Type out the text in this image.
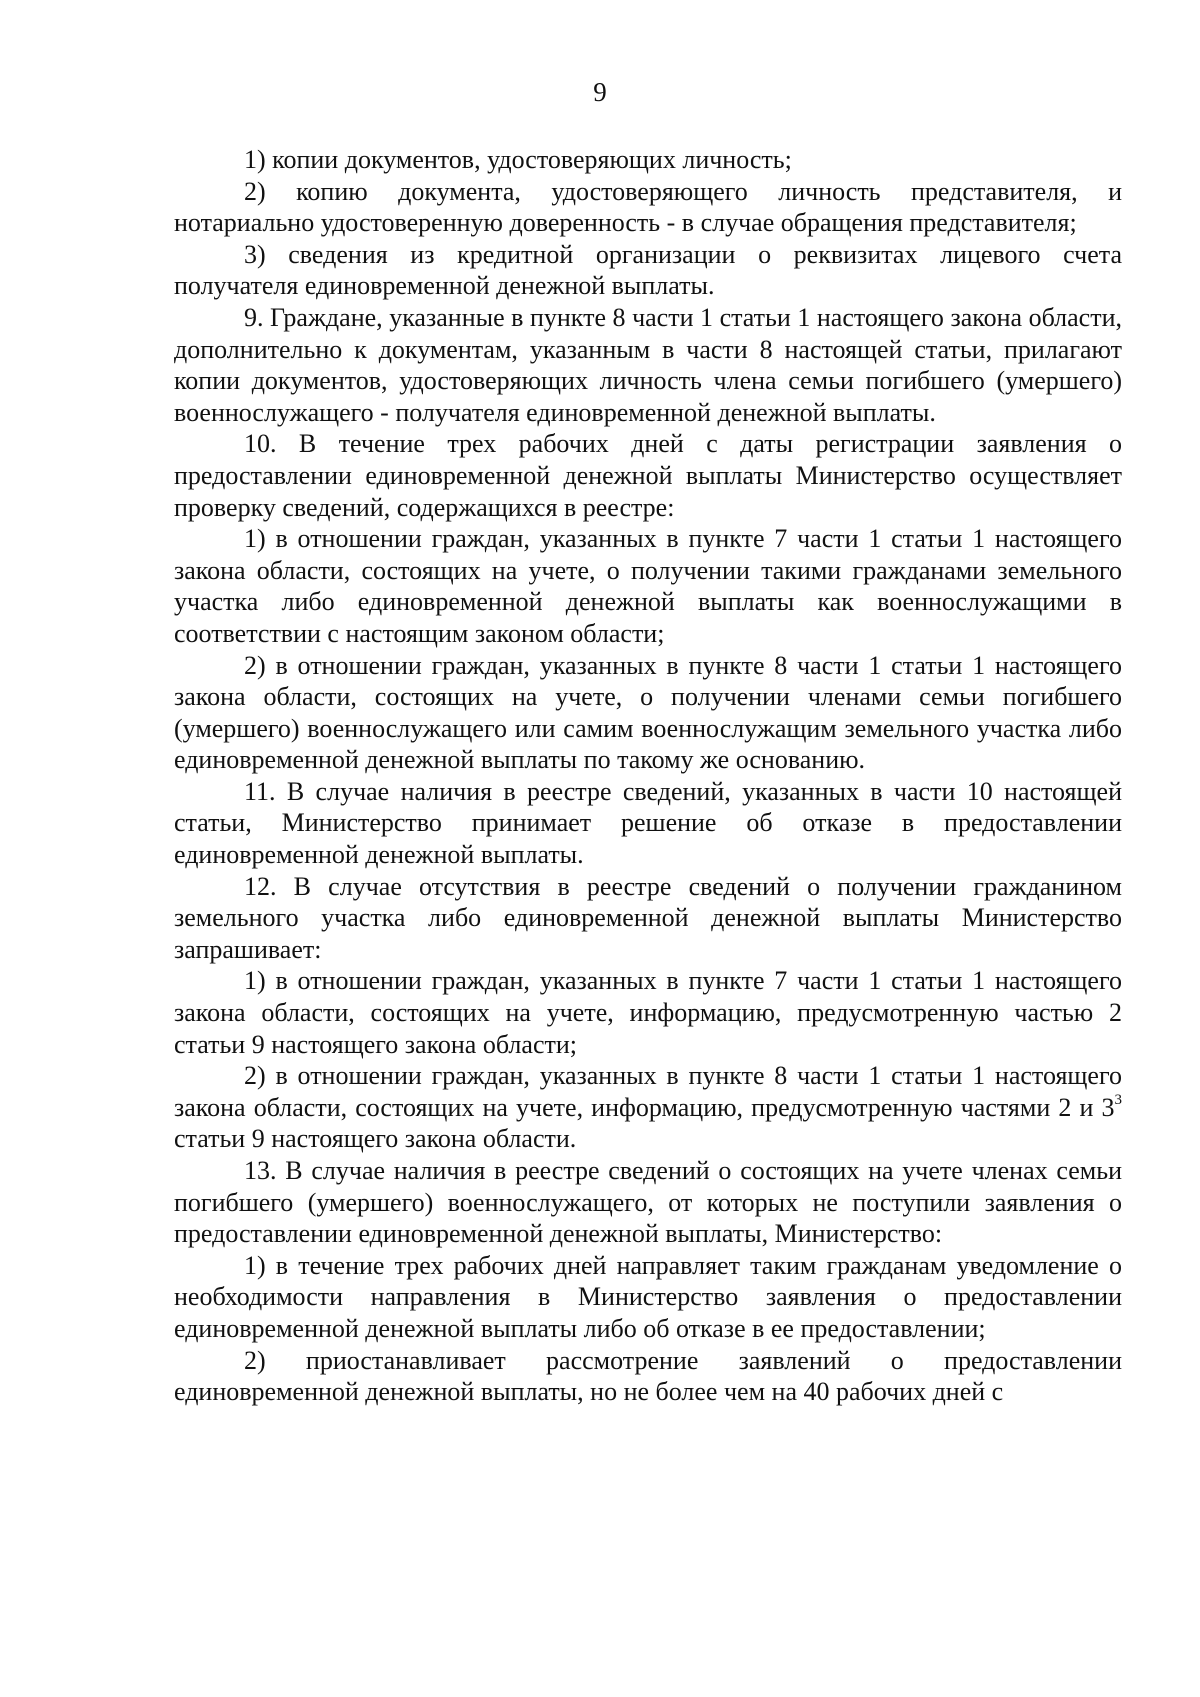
9

1) копии документов, удостоверяющих личность;

2) копию документа, удостоверяющего личность представителя, и нотариально удостоверенную доверенность - в случае обращения представителя;

3) сведения из кредитной организации о реквизитах лицевого счета получателя единовременной денежной выплаты.

9. Граждане, указанные в пункте 8 части 1 статьи 1 настоящего закона области, дополнительно к документам, указанным в части 8 настоящей статьи, прилагают копии документов, удостоверяющих личность члена семьи погибшего (умершего) военнослужащего - получателя единовременной денежной выплаты.

10. В течение трех рабочих дней с даты регистрации заявления о предоставлении единовременной денежной выплаты Министерство осуществляет проверку сведений, содержащихся в реестре:

1) в отношении граждан, указанных в пункте 7 части 1 статьи 1 настоящего закона области, состоящих на учете, о получении такими гражданами земельного участка либо единовременной денежной выплаты как военнослужащими в соответствии с настоящим законом области;

2) в отношении граждан, указанных в пункте 8 части 1 статьи 1 настоящего закона области, состоящих на учете, о получении членами семьи погибшего (умершего) военнослужащего или самим военнослужащим земельного участка либо единовременной денежной выплаты по такому же основанию.

11. В случае наличия в реестре сведений, указанных в части 10 настоящей статьи, Министерство принимает решение об отказе в предоставлении единовременной денежной выплаты.

12. В случае отсутствия в реестре сведений о получении гражданином земельного участка либо единовременной денежной выплаты Министерство запрашивает:

1) в отношении граждан, указанных в пункте 7 части 1 статьи 1 настоящего закона области, состоящих на учете, информацию, предусмотренную частью 2 статьи 9 настоящего закона области;

2) в отношении граждан, указанных в пункте 8 части 1 статьи 1 настоящего закона области, состоящих на учете, информацию, предусмотренную частями 2 и $3^3$ статьи 9 настоящего закона области.

13. В случае наличия в реестре сведений о состоящих на учете членах семьи погибшего (умершего) военнослужащего, от которых не поступили заявления о предоставлении единовременной денежной выплаты, Министерство:

1) в течение трех рабочих дней направляет таким гражданам уведомление о необходимости направления в Министерство заявления о предоставлении единовременной денежной выплаты либо об отказе в ее предоставлении;

2) приостанавливает рассмотрение заявлений о предоставлении единовременной денежной выплаты, но не более чем на 40 рабочих дней с
